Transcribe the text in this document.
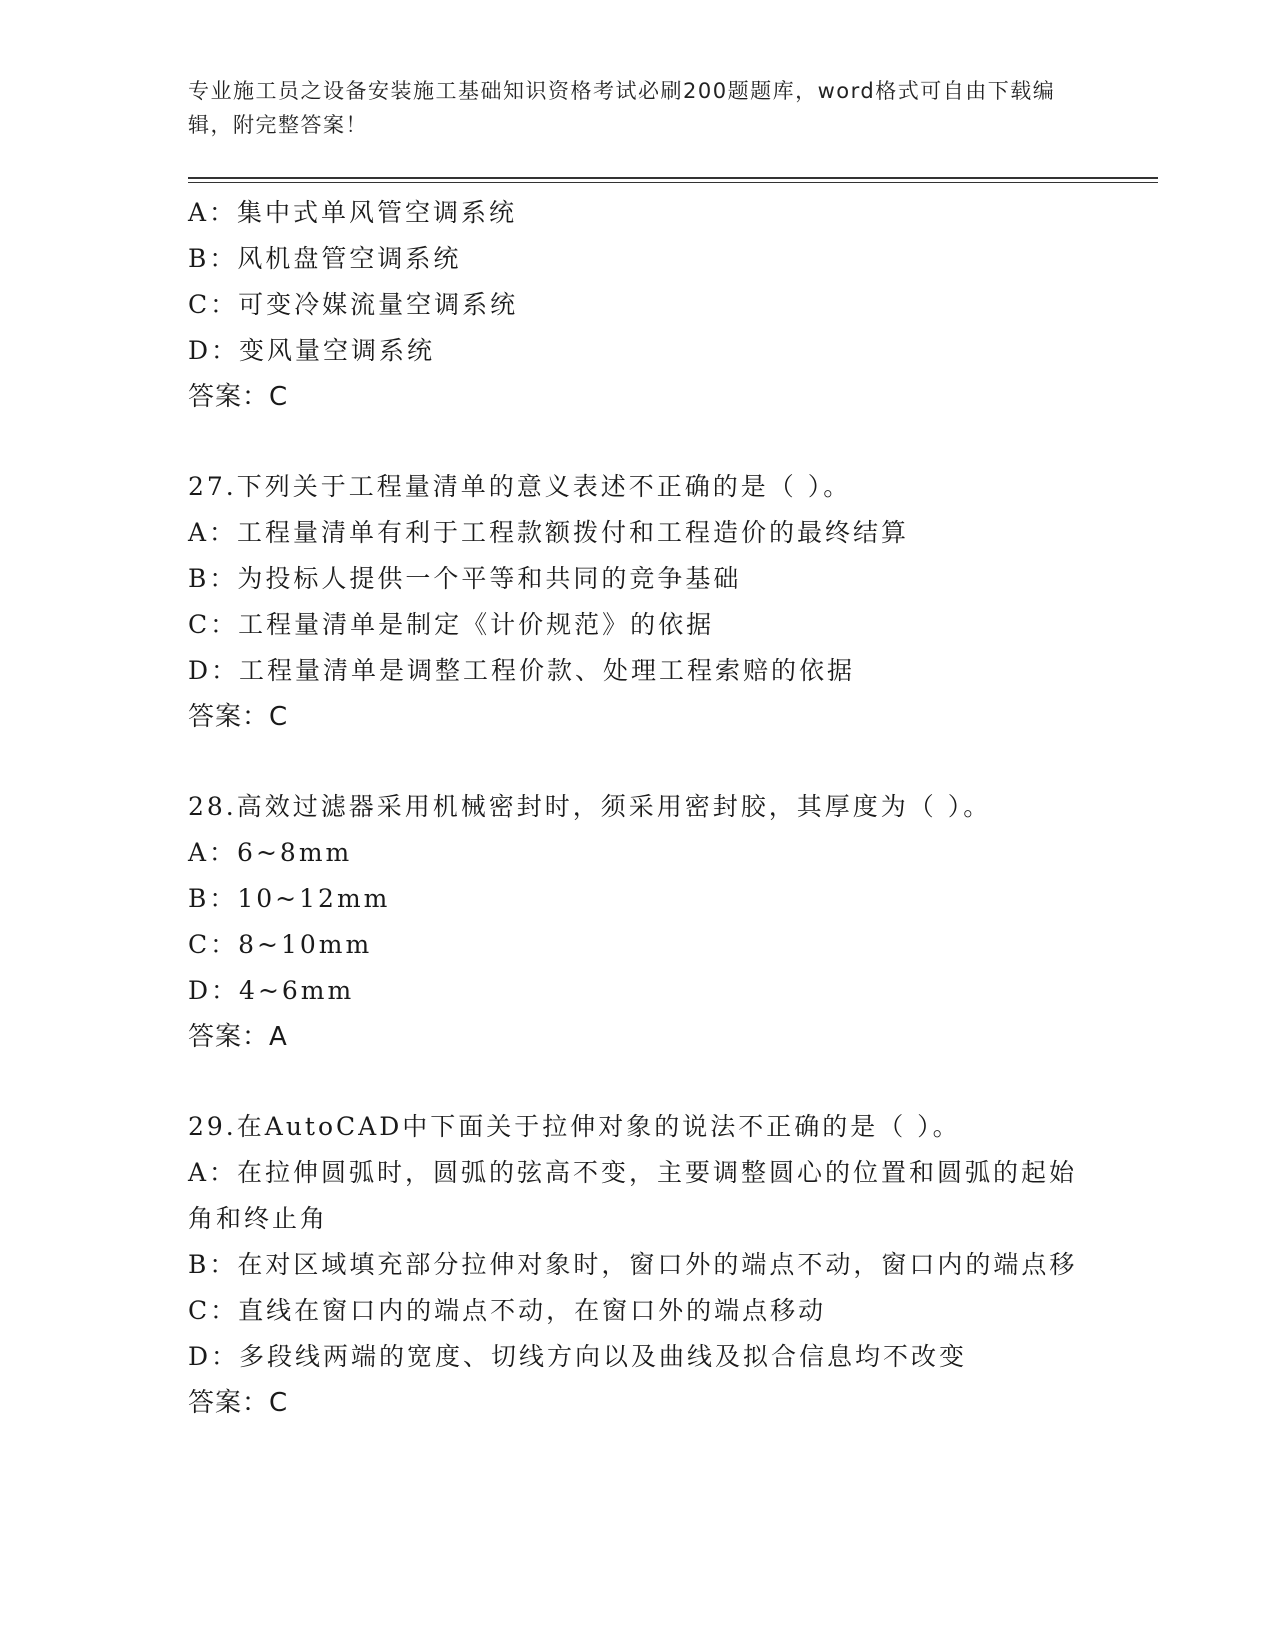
专业施工员之设备安装施工基础知识资格考试必刷200题题库，word格式可自由下载编辑，附完整答案！
A：集中式单风管空调系统
B：风机盘管空调系统
C：可变冷媒流量空调系统
D：变风量空调系统
答案：C
27.下列关于工程量清单的意义表述不正确的是（ ）。
A：工程量清单有利于工程款额拨付和工程造价的最终结算
B：为投标人提供一个平等和共同的竞争基础
C：工程量清单是制定《计价规范》的依据
D：工程量清单是调整工程价款、处理工程索赔的依据
答案：C
28.高效过滤器采用机械密封时，须采用密封胶，其厚度为（ ）。
A：6~8mm
B：10~12mm
C：8~10mm
D：4~6mm
答案：A
29.在AutoCAD中下面关于拉伸对象的说法不正确的是（ ）。
A：在拉伸圆弧时，圆弧的弦高不变，主要调整圆心的位置和圆弧的起始角和终止角
B：在对区域填充部分拉伸对象时，窗口外的端点不动，窗口内的端点移
C：直线在窗口内的端点不动，在窗口外的端点移动
D：多段线两端的宽度、切线方向以及曲线及拟合信息均不改变
答案：C
